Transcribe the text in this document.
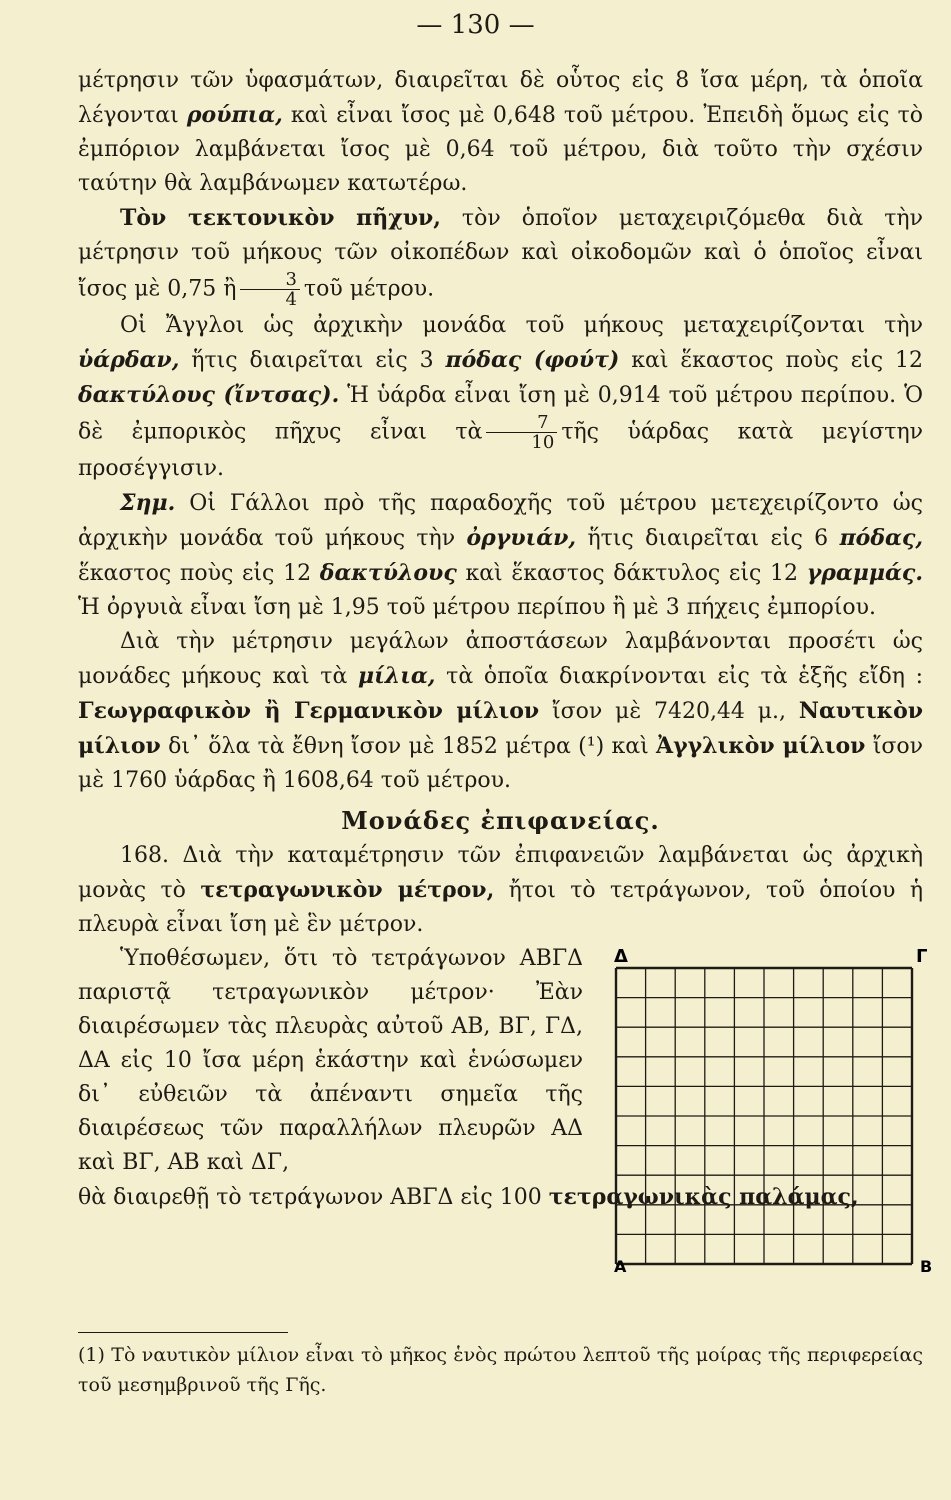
— 130 —

μέτρησιν τῶν ὑφασμάτων, διαιρεῖται δὲ οὗτος εἰς 8 ἴσα μέρη, τὰ ὁποῖα λέγονται ρούπια, καὶ εἶναι ἴσος μὲ 0,648 τοῦ μέτρου. Ἐπειδὴ ὅμως εἰς τὸ ἐμπόριον λαμβάνεται ἴσος μὲ 0,64 τοῦ μέτρου, διὰ τοῦτο τὴν σχέσιν ταύτην θὰ λαμβάνωμεν κατωτέρω.

Τὸν τεκτονικὸν πῆχυν, τὸν ὁποῖον μεταχειριζόμεθα διὰ τὴν μέτρησιν τοῦ μήκους τῶν οἰκοπέδων καὶ οἰκοδομῶν καὶ ὁ ὁποῖος εἶναι ἴσος μὲ 0,75 ἢ $\frac{3}{4}$ τοῦ μέτρου.

Οἱ Ἄγγλοι ὡς ἀρχικὴν μονάδα τοῦ μήκους μεταχειρίζονται τὴν ὑάρδαν, ἥτις διαιρεῖται εἰς 3 πόδας (φούτ) καὶ ἕκαστος ποὺς εἰς 12 δακτύλους (ἴντσας). Ἡ ὑάρδα εἶναι ἴση μὲ 0,914 τοῦ μέτρου περίπου. Ὁ δὲ ἐμπορικὸς πῆχυς εἶναι τὰ $\frac{7}{10}$ τῆς ὑάρδας κατὰ μεγίστην προσέγγισιν.

Σημ. Οἱ Γάλλοι πρὸ τῆς παραδοχῆς τοῦ μέτρου μετεχειρίζοντο ὡς ἀρχικὴν μονάδα τοῦ μήκους τὴν ὀργυιάν, ἥτις διαιρεῖται εἰς 6 πόδας, ἕκαστος ποὺς εἰς 12 δακτύλους καὶ ἕκαστος δάκτυλος εἰς 12 γραμμάς. Ἡ ὀργυιὰ εἶναι ἴση μὲ 1,95 τοῦ μέτρου περίπου ἢ μὲ 3 πήχεις ἐμπορίου.

Διὰ τὴν μέτρησιν μεγάλων ἀποστάσεων λαμβάνονται προσέτι ὡς μονάδες μήκους καὶ τὰ μίλια, τὰ ὁποῖα διακρίνονται εἰς τὰ ἑξῆς εἴδη : Γεωγραφικὸν ἢ Γερμανικὸν μίλιον ἴσον μὲ 7420,44 μ., Ναυτικὸν μίλιον δι᾿ ὅλα τὰ ἔθνη ἴσον μὲ 1852 μέτρα (¹) καὶ Ἀγγλικὸν μίλιον ἴσον μὲ 1760 ὑάρδας ἢ 1608,64 τοῦ μέτρου.

Μονάδες ἐπιφανείας.

168. Διὰ τὴν καταμέτρησιν τῶν ἐπιφανειῶν λαμβάνεται ὡς ἀρχικὴ μονὰς τὸ τετραγωνικὸν μέτρον, ἤτοι τὸ τετράγωνον, τοῦ ὁποίου ἡ πλευρὰ εἶναι ἴση μὲ ἓν μέτρον.

Ὑποθέσωμεν, ὅτι τὸ τετράγωνον ΑΒΓΔ παριστᾷ τετραγωνικὸν μέτρον· Ἐὰν διαιρέσωμεν τὰς πλευρὰς αὐτοῦ ΑΒ, ΒΓ, ΓΔ, ΔΑ εἰς 10 ἴσα μέρη ἑκάστην καὶ ἑνώσωμεν δι᾿ εὐθειῶν τὰ ἀπέναντι σημεῖα τῆς διαιρέσεως τῶν παραλλήλων πλευρῶν ΑΔ καὶ ΒΓ, ΑΒ καὶ ΔΓ,

Δ	Γ
Α	Β

θὰ διαιρεθῇ τὸ τετράγωνον ΑΒΓΔ εἰς 100 τετραγωνικὰς παλάμας,

(1) Τὸ ναυτικὸν μίλιον εἶναι τὸ μῆκος ἑνὸς πρώτου λεπτοῦ τῆς μοίρας τῆς περιφερείας τοῦ μεσημβρινοῦ τῆς Γῆς.
